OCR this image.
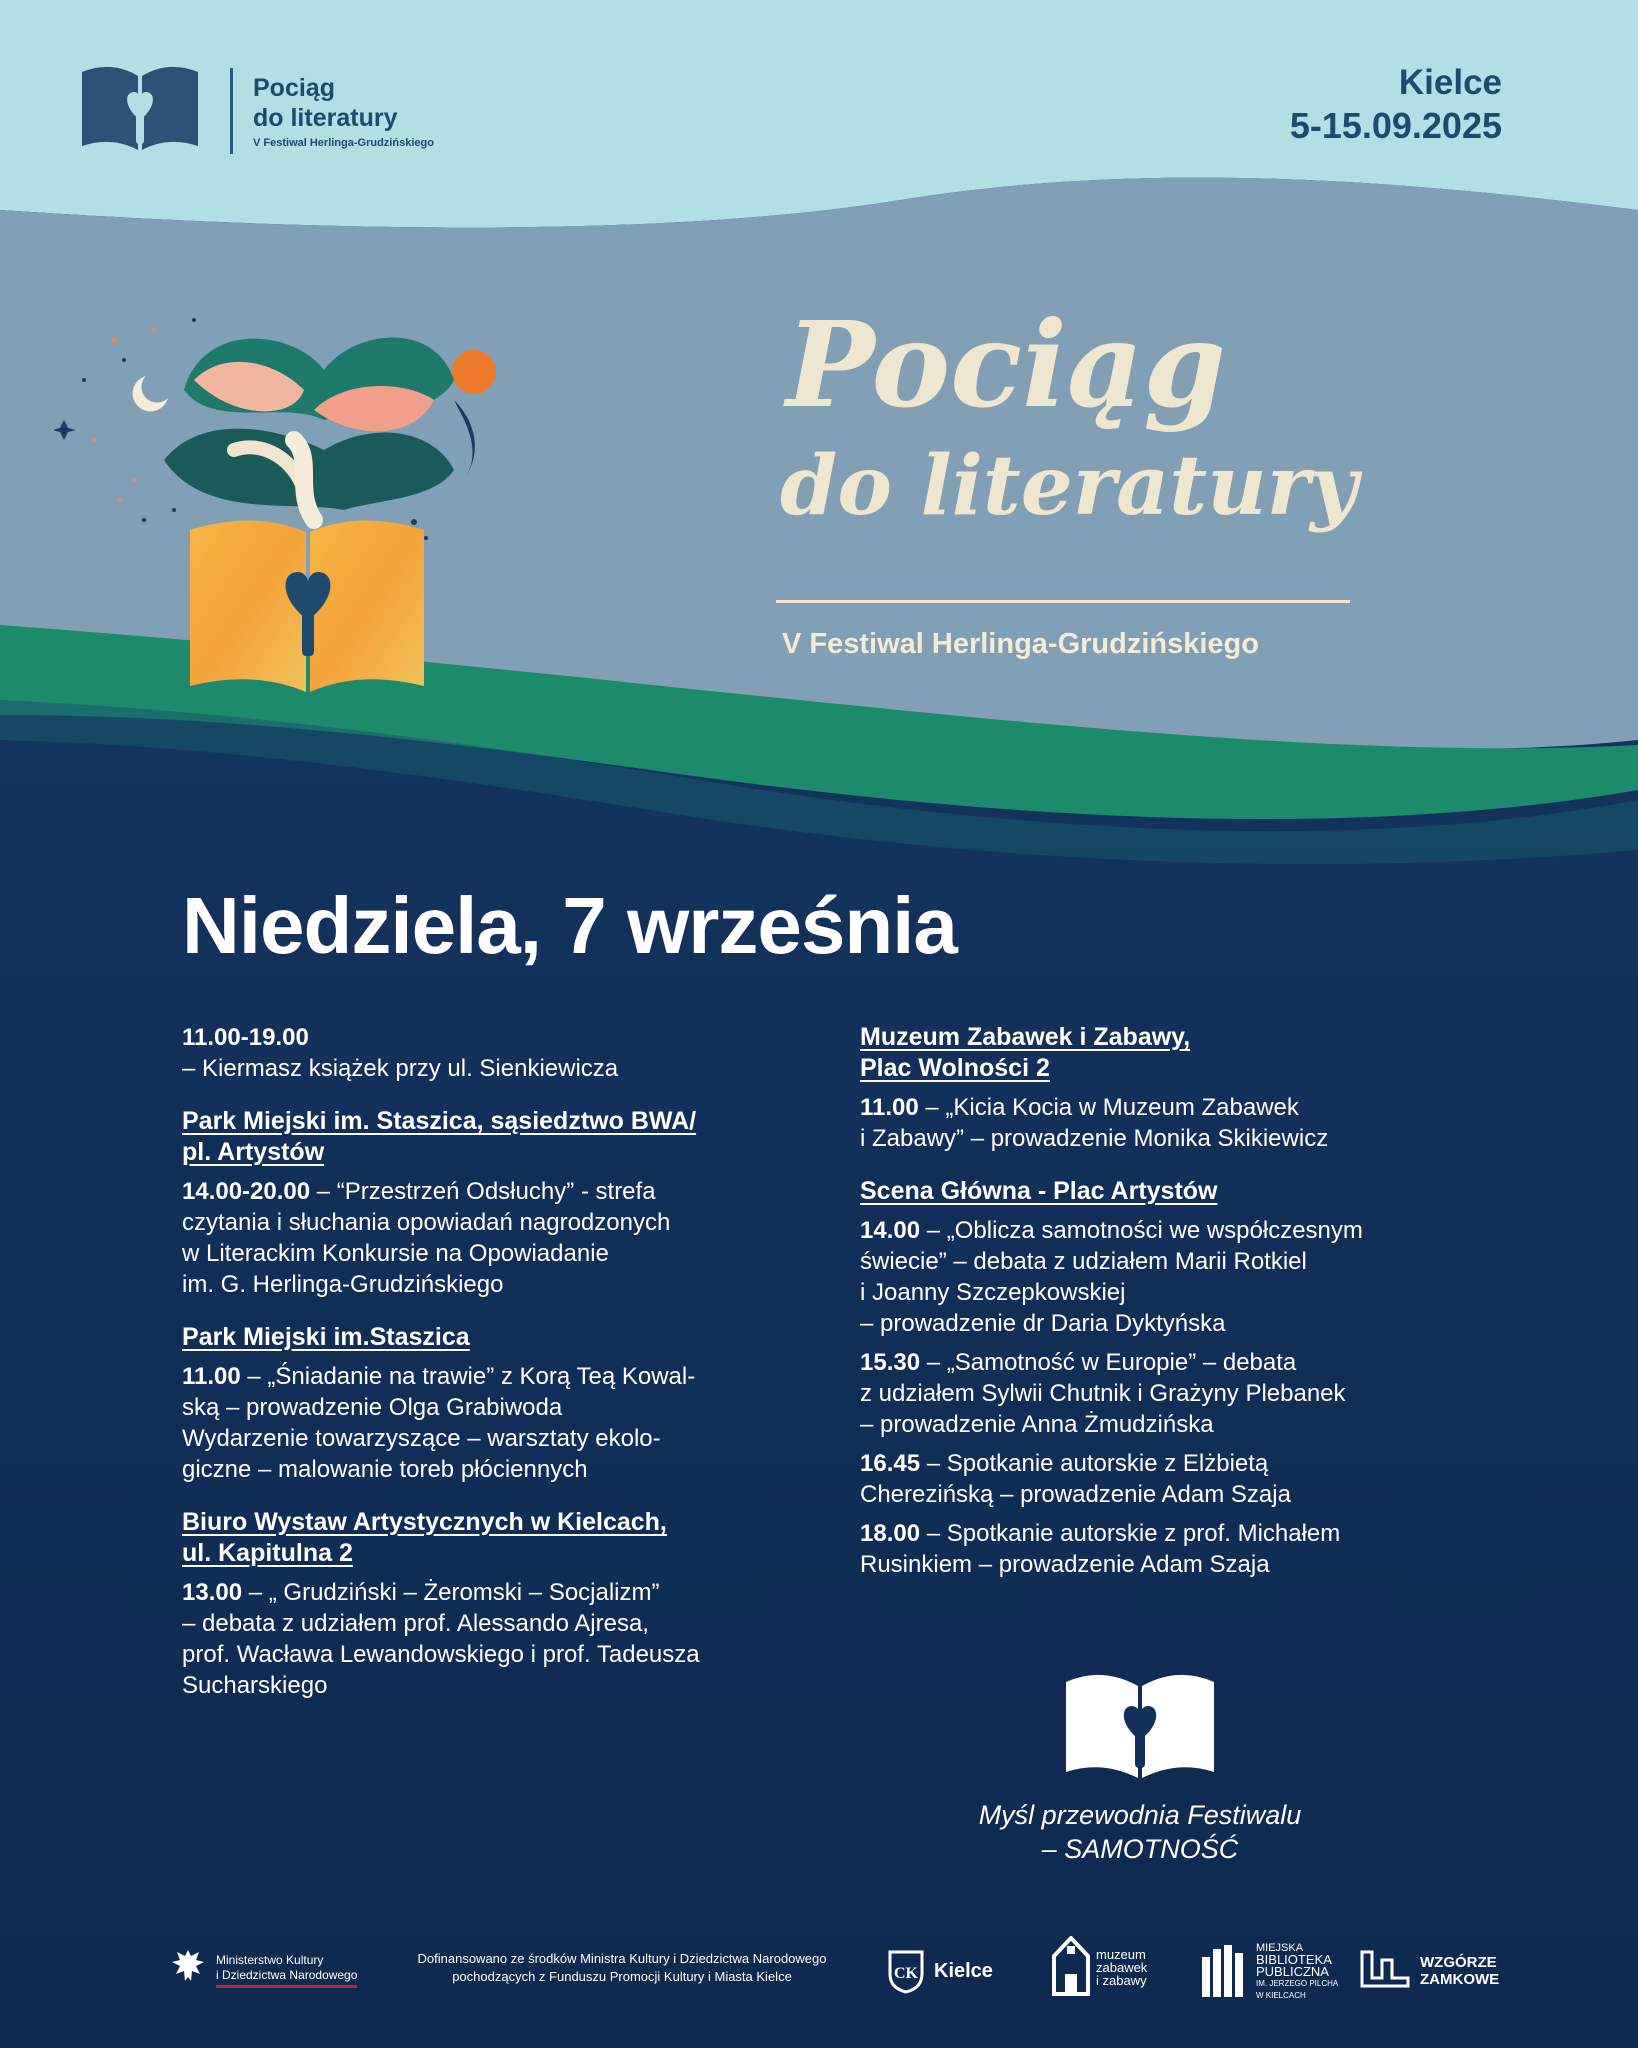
Pociąg
do literatury
V Festiwal Herlinga-Grudzińskiego
Kielce
5-15.09.2025
Pociąg
do literatury
V Festiwal Herlinga-Grudzińskiego
Niedziela, 7 września

11.00-19.00

– Kiermasz książek przy ul. Sienkiewicza

Park Miejski im. Staszica, sąsiedztwo BWA/
pl. Artystów

14.00-20.00 – “Przestrzeń Odsłuchy” - strefa

czytania i słuchania opowiadań nagrodzonych

w Literackim Konkursie na Opowiadanie

im. G. Herlinga-Grudzińskiego

Park Miejski im.Staszica

11.00 – „Śniadanie na trawie” z Korą Teą Kowal-

ską – prowadzenie Olga Grabiwoda

Wydarzenie towarzyszące – warsztaty ekolo-

giczne – malowanie toreb płóciennych

Biuro Wystaw Artystycznych w Kielcach,
ul. Kapitulna 2

13.00 – „ Grudziński – Żeromski – Socjalizm”

– debata z udziałem prof. Alessando Ajresa,

prof. Wacława Lewandowskiego i prof. Tadeusza

Sucharskiego

Muzeum Zabawek i Zabawy,
Plac Wolności 2

11.00 – „Kicia Kocia w Muzeum Zabawek

i Zabawy” – prowadzenie Monika Skikiewicz

Scena Główna - Plac Artystów

14.00 – „Oblicza samotności we współczesnym

świecie” – debata z udziałem Marii Rotkiel

i Joanny Szczepkowskiej

– prowadzenie dr Daria Dyktyńska

15.30 – „Samotność w Europie” – debata

z udziałem Sylwii Chutnik i Grażyny Plebanek

– prowadzenie Anna Żmudzińska

16.45 – Spotkanie autorskie z Elżbietą

Cherezińską – prowadzenie Adam Szaja

18.00 – Spotkanie autorskie z prof. Michałem

Rusinkiem – prowadzenie Adam Szaja

Myśl przewodnia Festiwalu
– SAMOTNOŚĆ
Ministerstwo Kultury
i Dziedzictwa Narodowego
Dofinansowano ze środków Ministra Kultury i Dziedzictwa Narodowego
pochodzących z Funduszu Promocji Kultury i Miasta Kielce	CK Kielce
muzeum
zabawek
i zabawy
MIEJSKA
BIBLIOTEKA
PUBLICZNA
IM. JERZEGO PILCHA
W KIELCACH
WZGÓRZE
ZAMKOWE
